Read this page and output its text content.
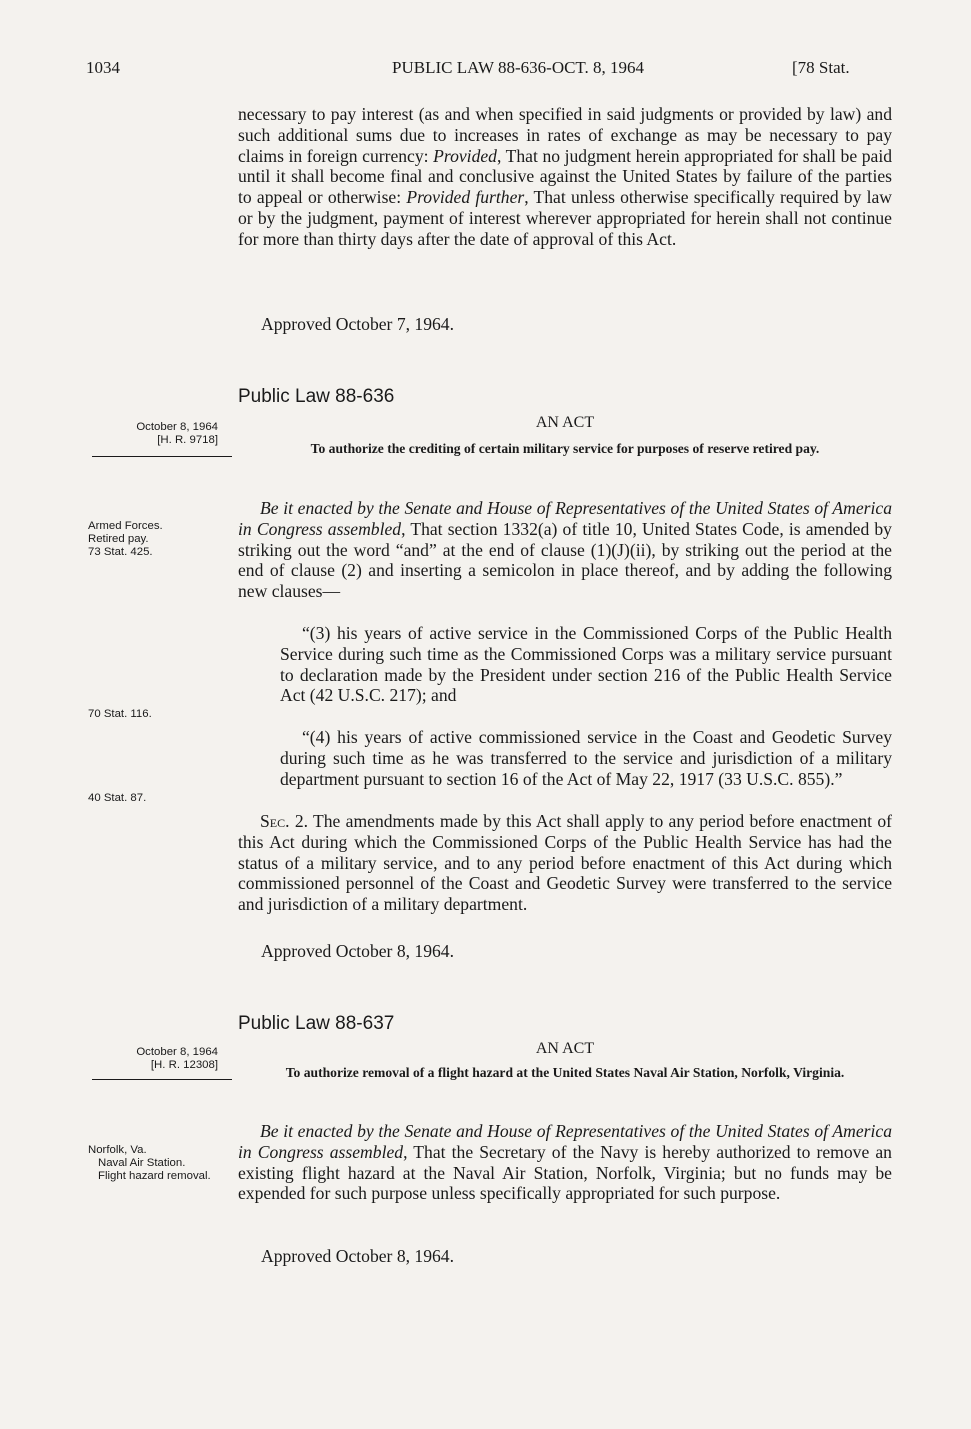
1034	PUBLIC LAW 88-636-OCT. 8, 1964	[78 Stat.

necessary to pay interest (as and when specified in said judgments or provided by law) and such additional sums due to increases in rates of exchange as may be necessary to pay claims in foreign currency: Provided, That no judgment herein appropriated for shall be paid until it shall become final and conclusive against the United States by failure of the parties to appeal or otherwise: Provided further, That unless otherwise specifically required by law or by the judgment, payment of interest wherever appropriated for herein shall not continue for more than thirty days after the date of approval of this Act.

Approved October 7, 1964.
Public Law 88-636
AN ACT
October 8, 1964
[H. R. 9718]
To authorize the crediting of certain military service for purposes of reserve retired pay.

Be it enacted by the Senate and House of Representatives of the United States of America in Congress assembled, That section 1332(a) of title 10, United States Code, is amended by striking out the word “and” at the end of clause (1)(J)(ii), by striking out the period at the end of clause (2) and inserting a semicolon in place thereof, and by adding the following new clauses—

Armed Forces.
Retired pay.
73 Stat. 425.

“(3) his years of active service in the Commissioned Corps of the Public Health Service during such time as the Commissioned Corps was a military service pursuant to declaration made by the President under section 216 of the Public Health Service Act (42 U.S.C. 217); and

70 Stat. 116.

“(4) his years of active commissioned service in the Coast and Geodetic Survey during such time as he was transferred to the service and jurisdiction of a military department pursuant to section 16 of the Act of May 22, 1917 (33 U.S.C. 855).”

40 Stat. 87.

Sec. 2. The amendments made by this Act shall apply to any period before enactment of this Act during which the Commissioned Corps of the Public Health Service has had the status of a military service, and to any period before enactment of this Act during which commissioned personnel of the Coast and Geodetic Survey were transferred to the service and jurisdiction of a military department.

Approved October 8, 1964.
Public Law 88-637
AN ACT
October 8, 1964
[H. R. 12308]	To authorize removal of a flight hazard at the United States Naval Air Station, Norfolk, Virginia.

Be it enacted by the Senate and House of Representatives of the United States of America in Congress assembled, That the Secretary of the Navy is hereby authorized to remove an existing flight hazard at the Naval Air Station, Norfolk, Virginia; but no funds may be expended for such purpose unless specifically appropriated for such purpose.

Norfolk, Va.
Naval Air Station.
Flight hazard removal.
Approved October 8, 1964.
